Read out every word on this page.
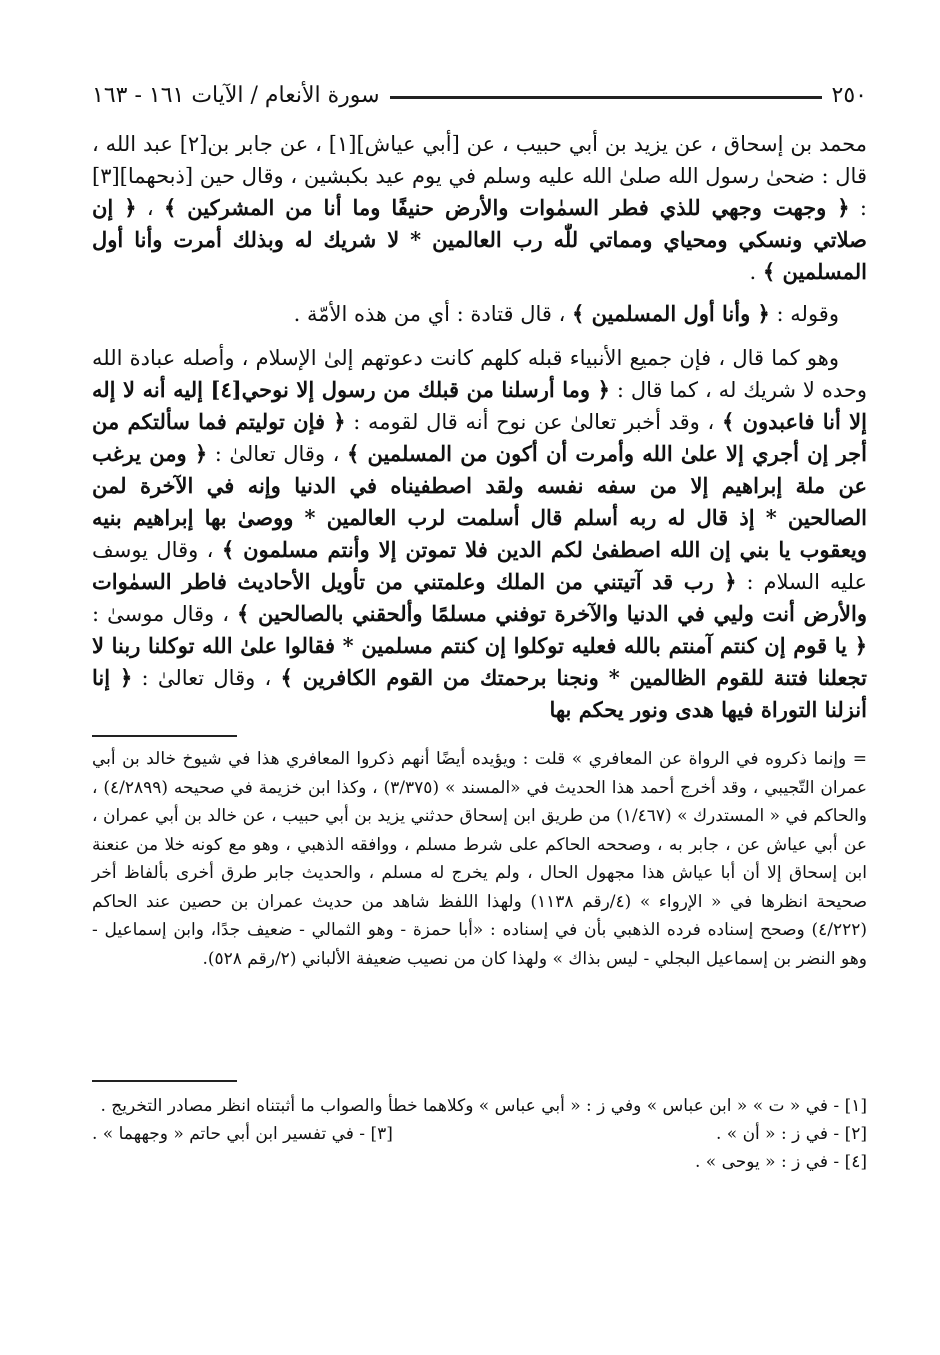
٢٥٠
سورة الأنعام / الآيات ١٦١ - ١٦٣

محمد بن إسحاق ، عن يزيد بن أبي حبيب ، عن [أبي عياش][١] ، عن جابر بن[٢] عبد الله ، قال : ضحىٰ رسول الله صلىٰ الله عليه وسلم في يوم عيد بكبشين ، وقال حين [ذبحهما][٣] : ﴿ وجهت وجهي للذي فطر السمٰوات والأرض حنيفًا وما أنا من المشركين ﴾ ، ﴿ إن صلاتي ونسكي ومحياي ومماتي للّٰه رب العالمين * لا شريك له وبذلك أمرت وأنا أول المسلمين ﴾ .

وقوله : ﴿ وأنا أول المسلمين ﴾ ، قال قتادة : أي من هذه الأمّة .

وهو كما قال ، فإن جميع الأنبياء قبله كلهم كانت دعوتهم إلىٰ الإسلام ، وأصله عبادة الله وحده لا شريك له ، كما قال : ﴿ وما أرسلنا من قبلك من رسول إلا نوحي[٤] إليه أنه لا إله إلا أنا فاعبدون ﴾ ، وقد أخبر تعالىٰ عن نوح أنه قال لقومه : ﴿ فإن توليتم فما سألتكم من أجر إن أجري إلا علىٰ الله وأمرت أن أكون من المسلمين ﴾ ، وقال تعالىٰ : ﴿ ومن يرغب عن ملة إبراهيم إلا من سفه نفسه ولقد اصطفيناه في الدنيا وإنه في الآخرة لمن الصالحين * إذ قال له ربه أسلم قال أسلمت لرب العالمين * ووصىٰ بها إبراهيم بنيه ويعقوب يا بني إن الله اصطفىٰ لكم الدين فلا تموتن إلا وأنتم مسلمون ﴾ ، وقال يوسف عليه السلام : ﴿ رب قد آتيتني من الملك وعلمتني من تأويل الأحاديث فاطر السمٰوات والأرض أنت وليي في الدنيا والآخرة توفني مسلمًا وألحقني بالصالحين ﴾ ، وقال موسىٰ : ﴿ يا قوم إن كنتم آمنتم بالله فعليه توكلوا إن كنتم مسلمين * فقالوا علىٰ الله توكلنا ربنا لا تجعلنا فتنة للقوم الظالمين * ونجنا برحمتك من القوم الكافرين ﴾ ، وقال تعالىٰ : ﴿ إنا أنزلنا التوراة فيها هدى ونور يحكم بها

= وإنما ذكروه في الرواة عن المعافري » قلت : ويؤيده أيضًا أنهم ذكروا المعافري هذا في شيوخ خالد بن أبي عمران التّجيبي ، وقد أخرج أحمد هذا الحديث في «المسند » (٣/٣٧٥) ، وكذا ابن خزيمة في صحيحه (٤/٢٨٩٩) ، والحاكم في « المستدرك » (١/٤٦٧) من طريق ابن إسحاق حدثني يزيد بن أبي حبيب ، عن خالد بن أبي عمران ، عن أبي عياش عن ، جابر به ، وصححه الحاكم على شرط مسلم ، ووافقه الذهبي ، وهو مع كونه خلا من عنعنة ابن إسحاق إلا أن أبا عياش هذا مجهول الحال ، ولم يخرج له مسلم ، والحديث جابر طرق أخرى بألفاظ أخر صحيحة انظرها في « الإرواء » (٤/رقم ١١٣٨) ولهذا اللفظ شاهد من حديث عمران بن حصين عند الحاكم (٤/٢٢٢) وصحح إسناده فرده الذهبي بأن في إسناده : «أبا حمزة - وهو الثمالي - ضعيف جدًا، وابن إسماعيل - وهو النضر بن إسماعيل البجلي - ليس بذاك » ولهذا كان من نصيب ضعيفة الألباني (٢/رقم ٥٢٨).

[١] - في « ت » « ابن عباس » وفي ز : « أبي عباس » وكلاهما خطأ والصواب ما أثبتناه انظر مصادر التخريج .

[٢] - في ز : « أن » .
[٣] - في تفسير ابن أبي حاتم « وجههما » .

[٤] - في ز : « يوحى » .
